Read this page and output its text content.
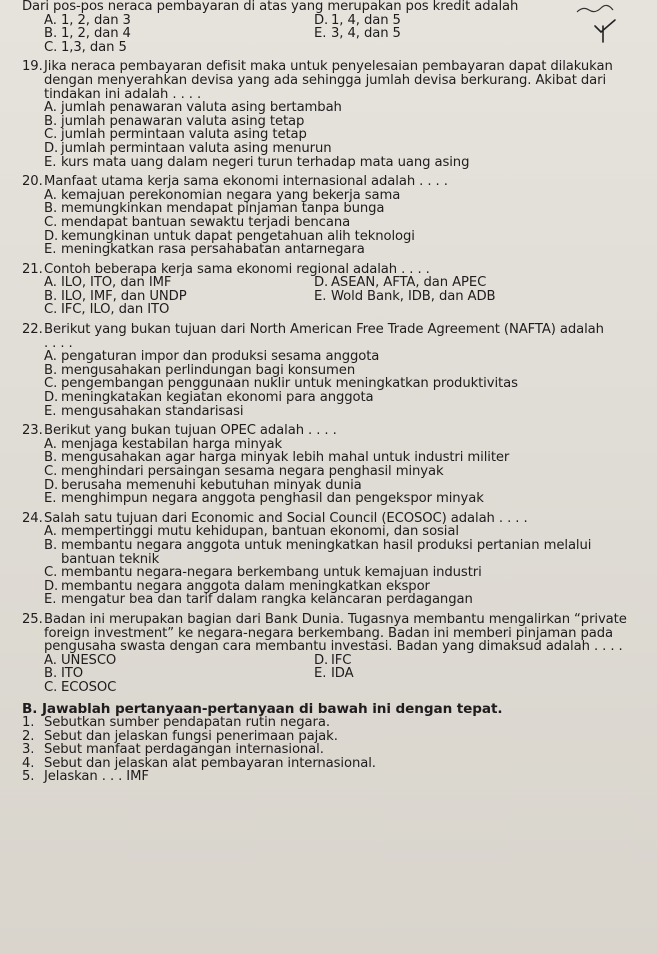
Dari pos-pos neraca pembayaran di atas yang merupakan pos kredit adalah
A. 1, 2, dan 3	D. 1, 4, dan 5
B. 1, 2, dan 4	E. 3, 4, dan 5
C. 1,3, dan 5
19.Jika neraca pembayaran defisit maka untuk penyelesaian pembayaran dapat dilakukan
dengan menyerahkan devisa yang ada sehingga jumlah devisa berkurang. Akibat dari
tindakan ini adalah . . . .
A. jumlah penawaran valuta asing bertambah
B. jumlah penawaran valuta asing tetap
C. jumlah permintaan valuta asing tetap
D. jumlah permintaan valuta asing menurun
E. kurs mata uang dalam negeri turun terhadap mata uang asing
20.Manfaat utama kerja sama ekonomi internasional adalah . . . .
A. kemajuan perekonomian negara yang bekerja sama
B. memungkinkan mendapat pinjaman tanpa bunga
C. mendapat bantuan sewaktu terjadi bencana
D. kemungkinan untuk dapat pengetahuan alih teknologi
E. meningkatkan rasa persahabatan antarnegara
21.Contoh beberapa kerja sama ekonomi regional adalah . . . .
A. ILO, ITO, dan IMF	D. ASEAN, AFTA, dan APEC
B. ILO, IMF, dan UNDP	E. Wold Bank, IDB, dan ADB
C. IFC, ILO, dan ITO
22.Berikut yang bukan tujuan dari North American Free Trade Agreement (NAFTA) adalah
. . . .
A. pengaturan impor dan produksi sesama anggota
B. mengusahakan perlindungan bagi konsumen
C. pengembangan penggunaan nuklir untuk meningkatkan produktivitas
D. meningkatakan kegiatan ekonomi para anggota
E. mengusahakan standarisasi
23.Berikut yang bukan tujuan OPEC adalah . . . .
A. menjaga kestabilan harga minyak
B. mengusahakan agar harga minyak lebih mahal untuk industri militer
C. menghindari persaingan sesama negara penghasil minyak
D. berusaha memenuhi kebutuhan minyak dunia
E. menghimpun negara anggota penghasil dan pengekspor minyak
24.Salah satu tujuan dari Economic and Social Council (ECOSOC) adalah . . . .
A. mempertinggi mutu kehidupan, bantuan ekonomi, dan sosial
B. membantu negara anggota untuk meningkatkan hasil produksi pertanian melalui
bantuan teknik
C. membantu negara-negara berkembang untuk kemajuan industri
D. membantu negara anggota dalam meningkatkan ekspor
E. mengatur bea dan tarif dalam rangka kelancaran perdagangan
25.Badan ini merupakan bagian dari Bank Dunia. Tugasnya membantu mengalirkan “private
foreign investment” ke negara-negara berkembang. Badan ini memberi pinjaman pada
pengusaha swasta dengan cara membantu investasi. Badan yang dimaksud adalah . . . .
A. UNESCO	D. IFC
B. ITO	E. IDA
C. ECOSOC
B. Jawablah pertanyaan-pertanyaan di bawah ini dengan tepat.
1. Sebutkan sumber pendapatan rutin negara.
2. Sebut dan jelaskan fungsi penerimaan pajak.
3. Sebut manfaat perdagangan internasional.
4. Sebut dan jelaskan alat pembayaran internasional.
5. Jelaskan . . . IMF
